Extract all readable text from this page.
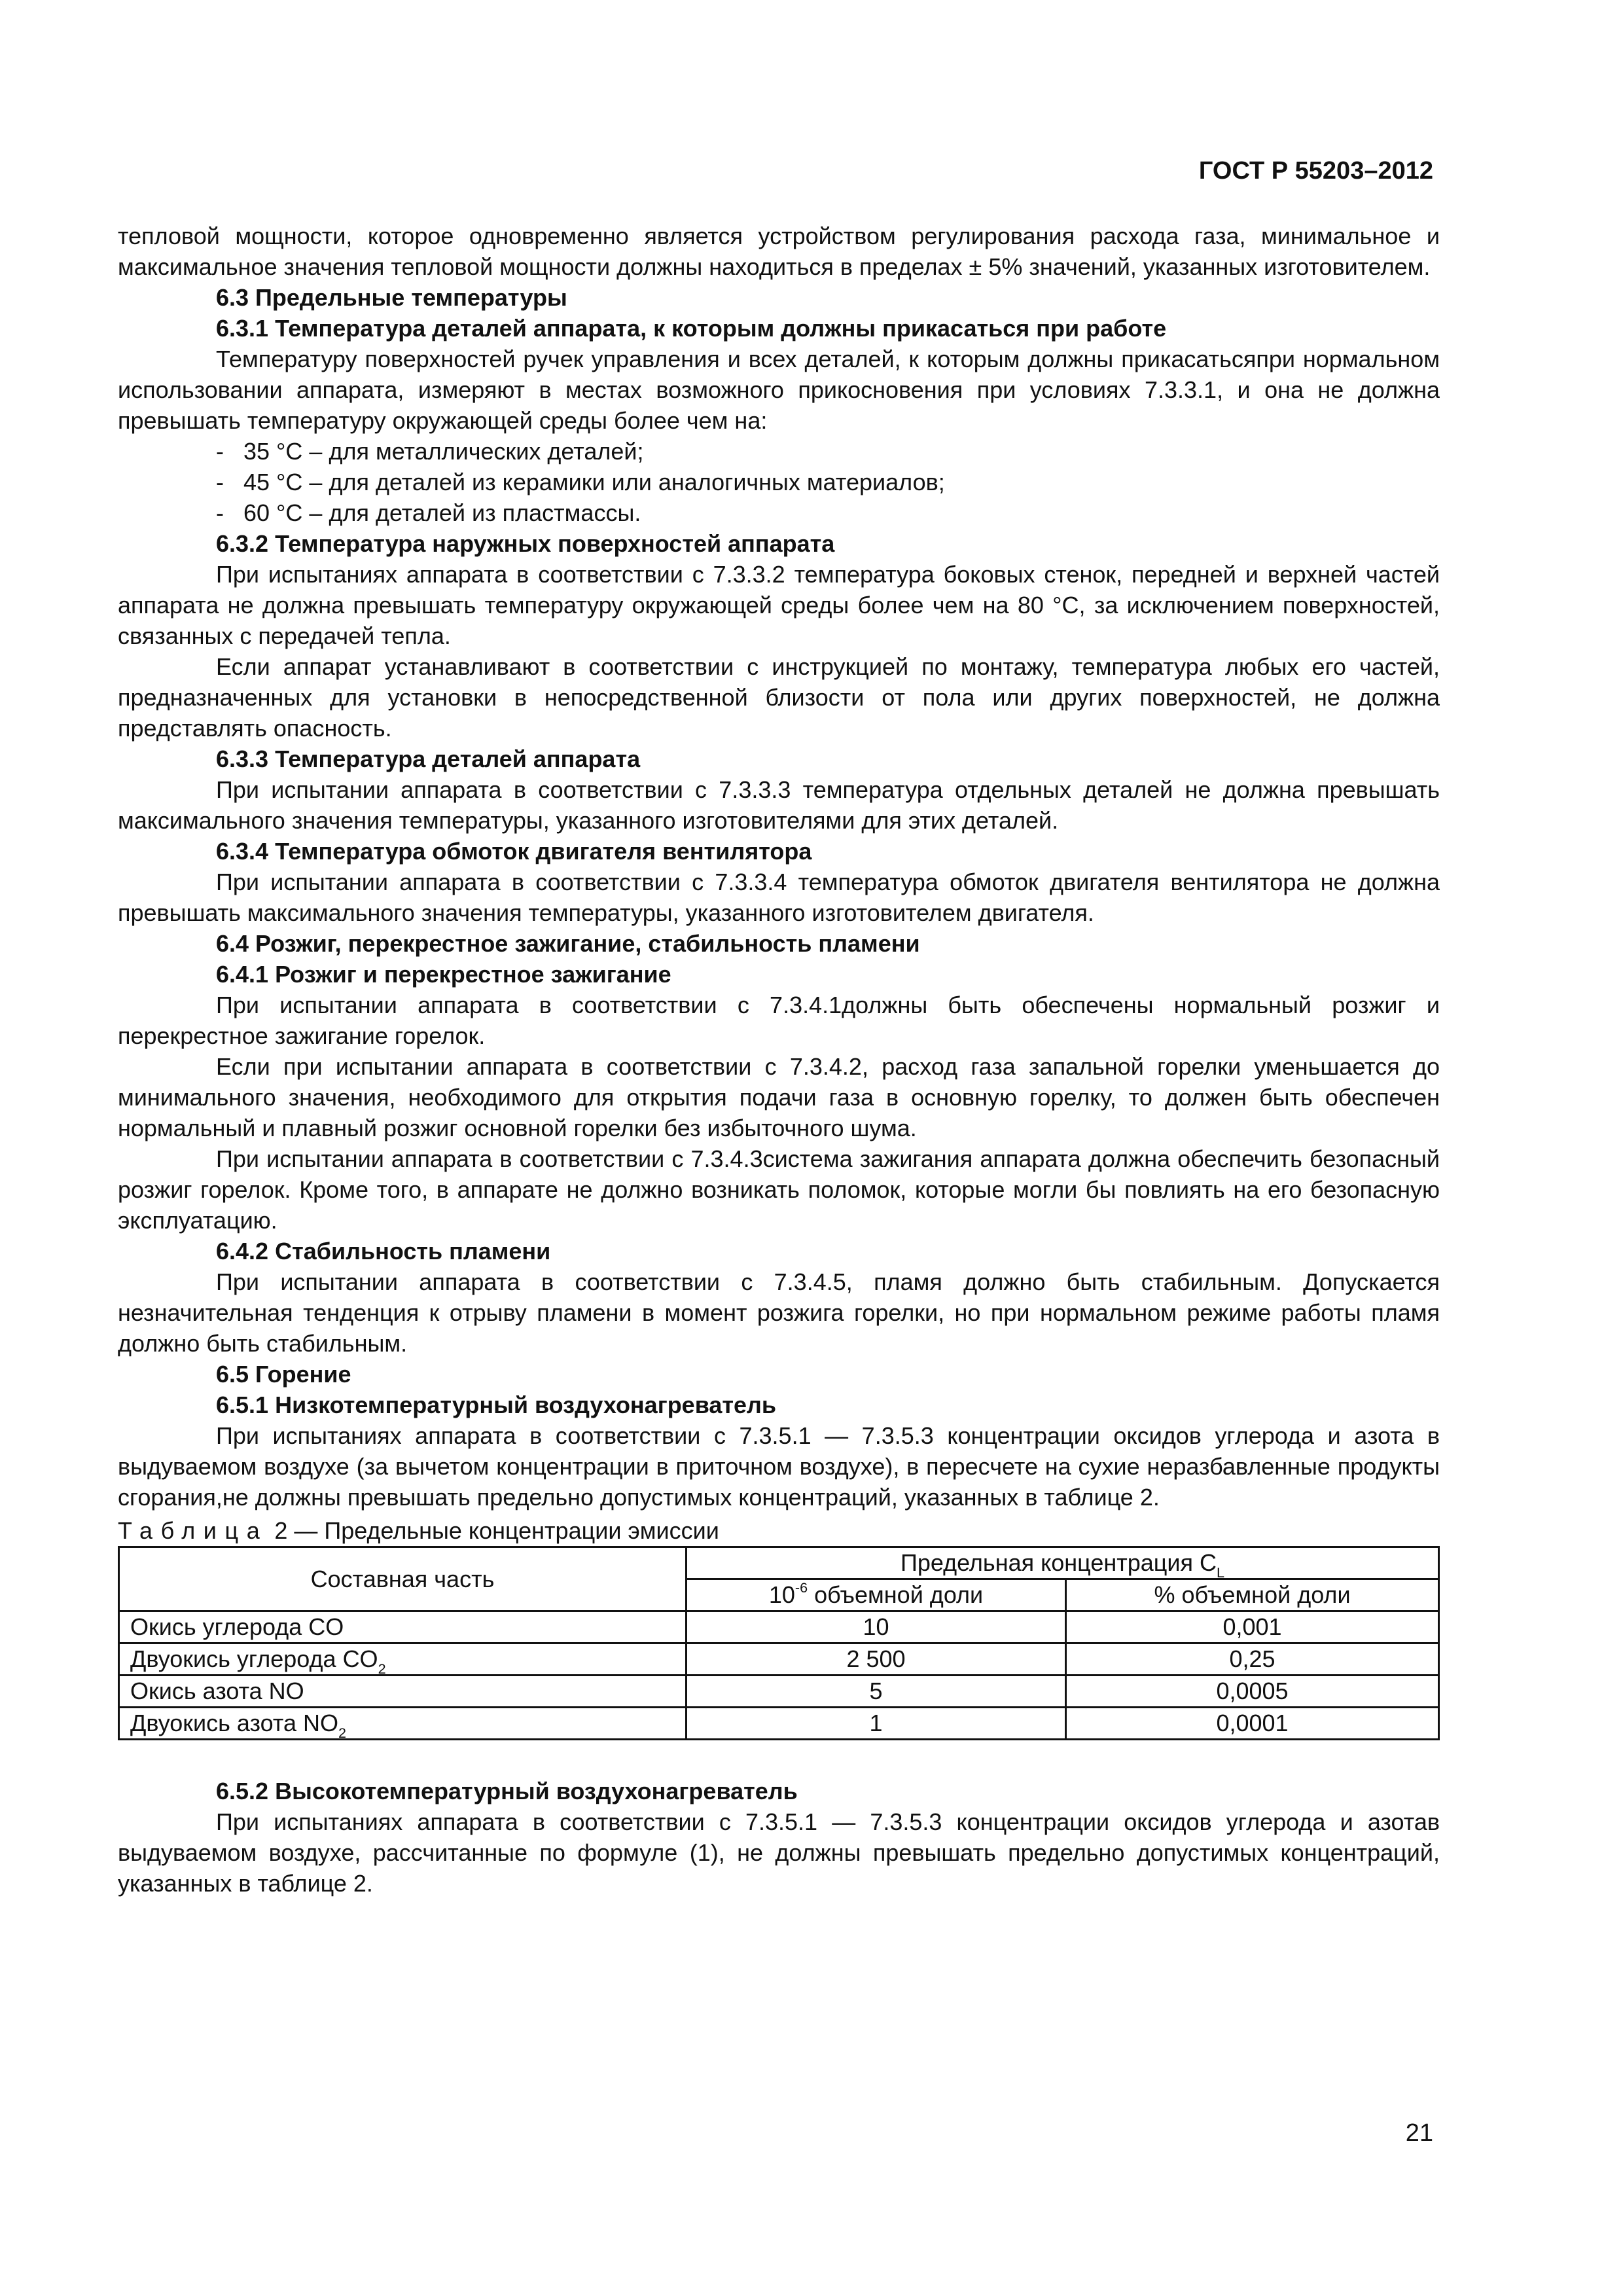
ГОСТ Р 55203–2012

тепловой мощности, которое одновременно является устройством регулирования расхода газа, минимальное и максимальное значения тепловой мощности должны находиться в пределах ± 5% значений, указанных изготовителем.

6.3 Предельные температуры

6.3.1 Температура деталей аппарата, к которым должны прикасаться при работе

Температуру поверхностей ручек управления и всех деталей, к которым должны прикасатьсяпри нормальном использовании аппарата, измеряют в местах возможного прикосновения при условиях 7.3.3.1, и она не должна превышать температуру окружающей среды более чем на:

-   35 °С – для металлических деталей;

-   45 °С – для деталей из керамики или аналогичных материалов;

-   60 °С – для деталей из пластмассы.

6.3.2 Температура наружных поверхностей аппарата

При испытаниях аппарата в соответствии с 7.3.3.2 температура боковых стенок, передней и верхней частей аппарата не должна превышать температуру окружающей среды более чем на 80 °С, за исключением поверхностей, связанных с передачей тепла.

Если аппарат устанавливают в соответствии с инструкцией по монтажу, температура любых его частей, предназначенных для установки в непосредственной близости от пола или других поверхностей, не должна представлять опасность.

6.3.3 Температура деталей аппарата

При испытании аппарата в соответствии с 7.3.3.3 температура отдельных деталей не должна превышать максимального значения температуры, указанного изготовителями для этих деталей.

6.3.4 Температура обмоток двигателя вентилятора

При испытании аппарата в соответствии с 7.3.3.4 температура обмоток двигателя вентилятора не должна превышать максимального значения температуры, указанного изготовителем двигателя.

6.4 Розжиг, перекрестное зажигание, стабильность пламени

6.4.1 Розжиг и перекрестное зажигание

При испытании аппарата в соответствии с 7.3.4.1должны быть обеспечены нормальный розжиг и перекрестное зажигание горелок.

Если при испытании аппарата в соответствии с 7.3.4.2, расход газа запальной горелки уменьшается до минимального значения, необходимого для открытия подачи газа в основную горелку, то должен быть обеспечен нормальный и плавный розжиг основной горелки без избыточного шума.

При испытании аппарата в соответствии с 7.3.4.3система зажигания аппарата должна обеспечить безопасный розжиг горелок. Кроме того, в аппарате не должно возникать поломок, которые могли бы повлиять на его безопасную эксплуатацию.

6.4.2 Стабильность пламени

При испытании аппарата в соответствии с 7.3.4.5, пламя должно быть стабильным. Допускается незначительная тенденция к отрыву пламени в момент розжига горелки, но при нормальном режиме работы пламя должно быть стабильным.

6.5 Горение

6.5.1 Низкотемпературный воздухонагреватель

При испытаниях аппарата в соответствии с 7.3.5.1 — 7.3.5.3 концентрации оксидов углерода и азота в выдуваемом воздухе (за вычетом концентрации в приточном воздухе), в пересчете на сухие неразбавленные продукты сгорания,не должны превышать предельно допустимых концентраций, указанных в таблице 2.

Таблица 2 — Предельные концентрации эмиссии

Составная часть	Предельная концентрация $C_L$
	$10^{-6}$ объемной доли	% объемной доли
Окись углерода CO	10	0,001
Двуокись углерода $CO_2$	2 500	0,25
Окись азота NO	5	0,0005
Двуокись азота $NO_2$	1	0,0001

6.5.2 Высокотемпературный воздухонагреватель

При испытаниях аппарата в соответствии с 7.3.5.1 — 7.3.5.3 концентрации оксидов углерода и азотав выдуваемом воздухе, рассчитанные по формуле (1), не должны превышать предельно допустимых концентраций, указанных в таблице 2.

21
